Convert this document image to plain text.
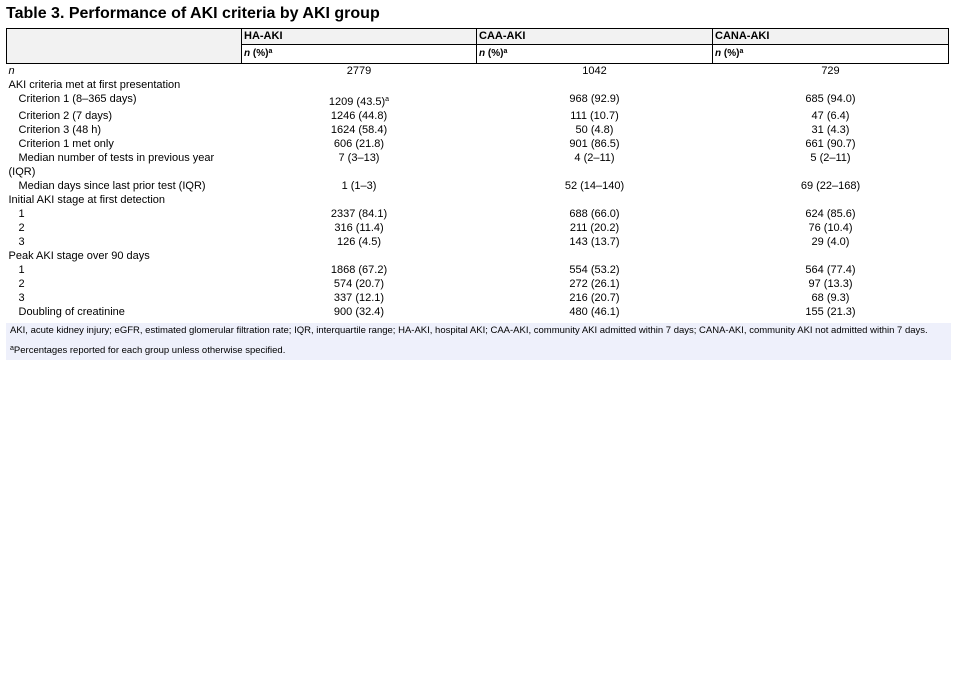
Table 3. Performance of AKI criteria by AKI group
	HA-AKI	CAA-AKI	CANA-AKI
	n (%)$^a$	n (%)$^a$	n (%)$^a$
n	2779	1042	729
AKI criteria met at first presentation			
Criterion 1 (8–365 days)	1209 $(43.5)^a$	968 (92.9)	685 (94.0)
Criterion 2 (7 days)	1246 (44.8)	111 (10.7)	47 (6.4)
Criterion 3 (48 h)	1624 (58.4)	50 (4.8)	31 (4.3)
Criterion 1 met only	606 (21.8)	901 (86.5)	661 (90.7)
Median number of tests in previous year	7 (3–13)	4 (2–11)	5 (2–11)
(IQR)			
Median days since last prior test (IQR)	1 (1–3)	52 (14–140)	69 (22–168)
Initial AKI stage at first detection			
1	2337 (84.1)	688 (66.0)	624 (85.6)
2	316 (11.4)	211 (20.2)	76 (10.4)
3	126 (4.5)	143 (13.7)	29 (4.0)
Peak AKI stage over 90 days			
1	1868 (67.2)	554 (53.2)	564 (77.4)
2	574 (20.7)	272 (26.1)	97 (13.3)
3	337 (12.1)	216 (20.7)	68 (9.3)
Doubling of creatinine	900 (32.4)	480 (46.1)	155 (21.3)

AKI, acute kidney injury; eGFR, estimated glomerular filtration rate; IQR, interquartile range; HA-AKI, hospital AKI; CAA-AKI, community AKI admitted within 7 days; CANA-AKI, community AKI not admitted within 7 days.

$^a$Percentages reported for each group unless otherwise specified.
